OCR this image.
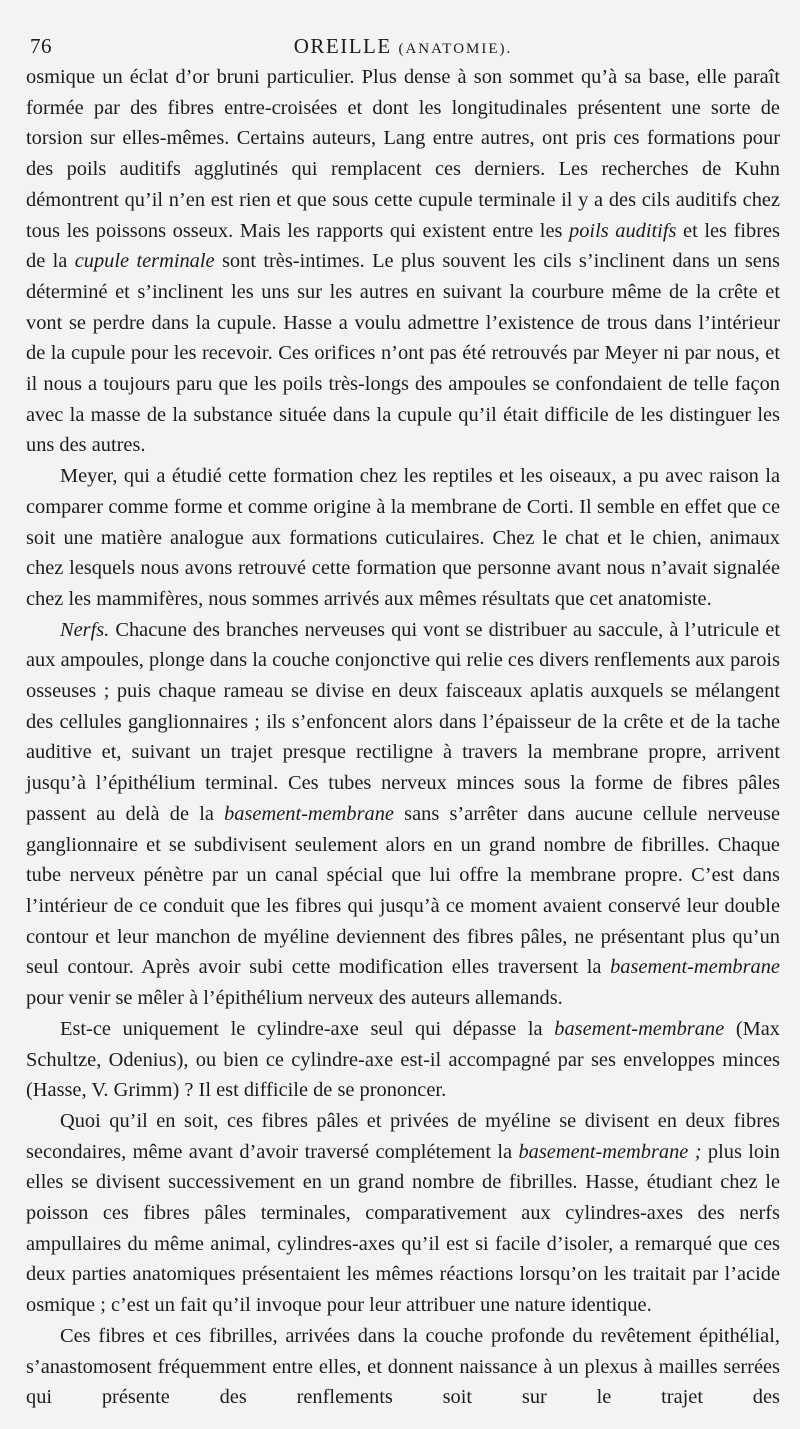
76	OREILLE (ANATOMIE).

osmique un éclat d’or bruni particulier. Plus dense à son sommet qu’à sa base, elle paraît formée par des fibres entre-croisées et dont les longitudinales présentent une sorte de torsion sur elles-mêmes. Certains auteurs, Lang entre autres, ont pris ces formations pour des poils auditifs agglutinés qui remplacent ces derniers. Les recherches de Kuhn démontrent qu’il n’en est rien et que sous cette cupule terminale il y a des cils auditifs chez tous les poissons osseux. Mais les rapports qui existent entre les poils auditifs et les fibres de la cupule terminale sont très-intimes. Le plus souvent les cils s’inclinent dans un sens déterminé et s’inclinent les uns sur les autres en suivant la courbure même de la crête et vont se perdre dans la cupule. Hasse a voulu admettre l’existence de trous dans l’intérieur de la cupule pour les recevoir. Ces orifices n’ont pas été retrouvés par Meyer ni par nous, et il nous a toujours paru que les poils très-longs des ampoules se confondaient de telle façon avec la masse de la substance située dans la cupule qu’il était difficile de les distinguer les uns des autres.

Meyer, qui a étudié cette formation chez les reptiles et les oiseaux, a pu avec raison la comparer comme forme et comme origine à la membrane de Corti. Il semble en effet que ce soit une matière analogue aux formations cuticulaires. Chez le chat et le chien, animaux chez lesquels nous avons retrouvé cette formation que personne avant nous n’avait signalée chez les mammifères, nous sommes arrivés aux mêmes résultats que cet anatomiste.

Nerfs. Chacune des branches nerveuses qui vont se distribuer au saccule, à l’utricule et aux ampoules, plonge dans la couche conjonctive qui relie ces divers renflements aux parois osseuses ; puis chaque rameau se divise en deux faisceaux aplatis auxquels se mélangent des cellules ganglionnaires ; ils s’enfoncent alors dans l’épaisseur de la crête et de la tache auditive et, suivant un trajet presque rectiligne à travers la membrane propre, arrivent jusqu’à l’épithélium terminal. Ces tubes nerveux minces sous la forme de fibres pâles passent au delà de la basement-membrane sans s’arrêter dans aucune cellule nerveuse ganglionnaire et se subdivisent seulement alors en un grand nombre de fibrilles. Chaque tube nerveux pénètre par un canal spécial que lui offre la membrane propre. C’est dans l’intérieur de ce conduit que les fibres qui jusqu’à ce moment avaient conservé leur double contour et leur manchon de myéline deviennent des fibres pâles, ne présentant plus qu’un seul contour. Après avoir subi cette modification elles traversent la basement-membrane pour venir se mêler à l’épithélium nerveux des auteurs allemands.

Est-ce uniquement le cylindre-axe seul qui dépasse la basement-membrane (Max Schultze, Odenius), ou bien ce cylindre-axe est-il accompagné par ses enveloppes minces (Hasse, V. Grimm) ? Il est difficile de se prononcer.

Quoi qu’il en soit, ces fibres pâles et privées de myéline se divisent en deux fibres secondaires, même avant d’avoir traversé complétement la basement-membrane ; plus loin elles se divisent successivement en un grand nombre de fibrilles. Hasse, étudiant chez le poisson ces fibres pâles terminales, comparativement aux cylindres-axes des nerfs ampullaires du même animal, cylindres-axes qu’il est si facile d’isoler, a remarqué que ces deux parties anatomiques présentaient les mêmes réactions lorsqu’on les traitait par l’acide osmique ; c’est un fait qu’il invoque pour leur attribuer une nature identique.

Ces fibres et ces fibrilles, arrivées dans la couche profonde du revêtement épithélial, s’anastomosent fréquemment entre elles, et donnent naissance à un plexus à mailles serrées qui présente des renflements soit sur le trajet des
